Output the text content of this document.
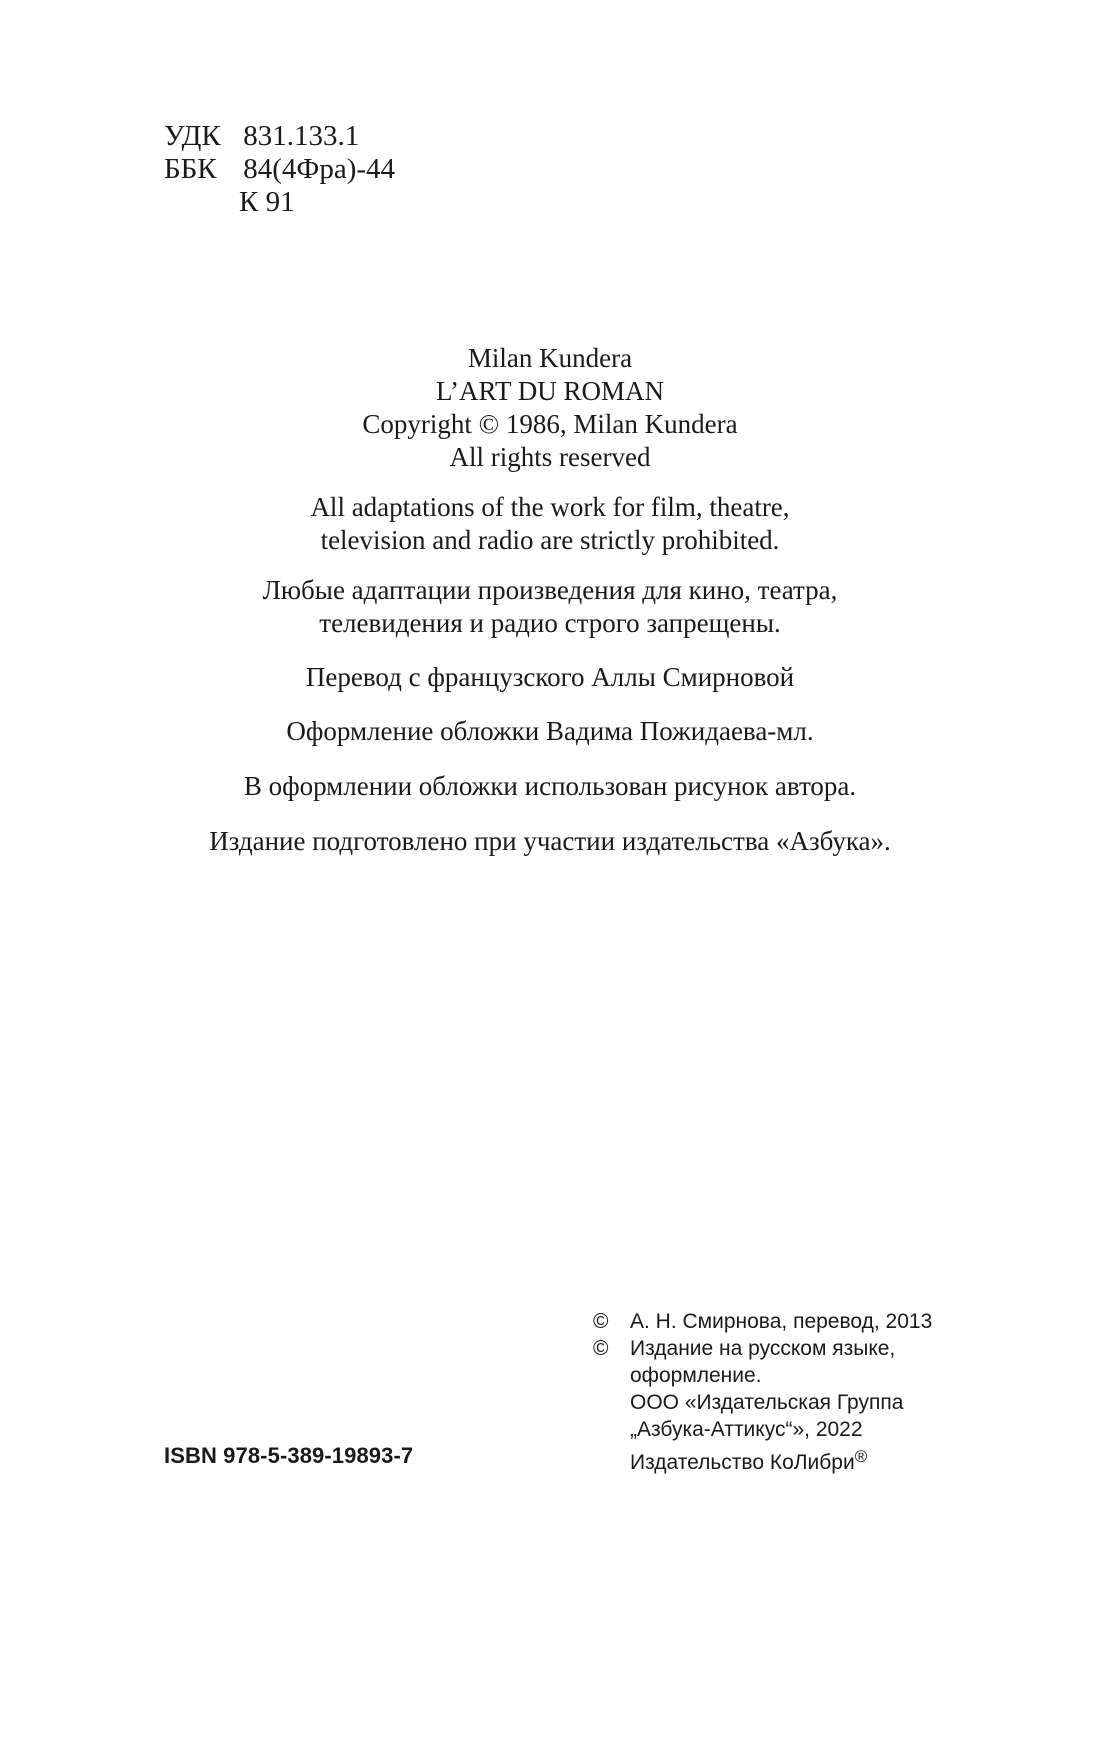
УДК 831.133.1
ББК 84(4Фра)-44
К 91
Milan Kundera
L’ART DU ROMAN
Copyright © 1986, Milan Kundera
All rights reserved
All adaptations of the work for film, theatre,
television and radio are strictly prohibited.
Любые адаптации произведения для кино, театра,
телевидения и радио строго запрещены.
Перевод с французского Аллы Смирновой
Оформление обложки Вадима Пожидаева-мл.
В оформлении обложки использован рисунок автора.
Издание подготовлено при участии издательства «Азбука».
ISBN 978-5-389-19893-7
© А. Н. Смирнова, перевод, 2013
© Издание на русском языке,
оформление.
ООО «Издательская Группа
„Азбука-Аттикус“», 2022
Издательство КоЛибри®
